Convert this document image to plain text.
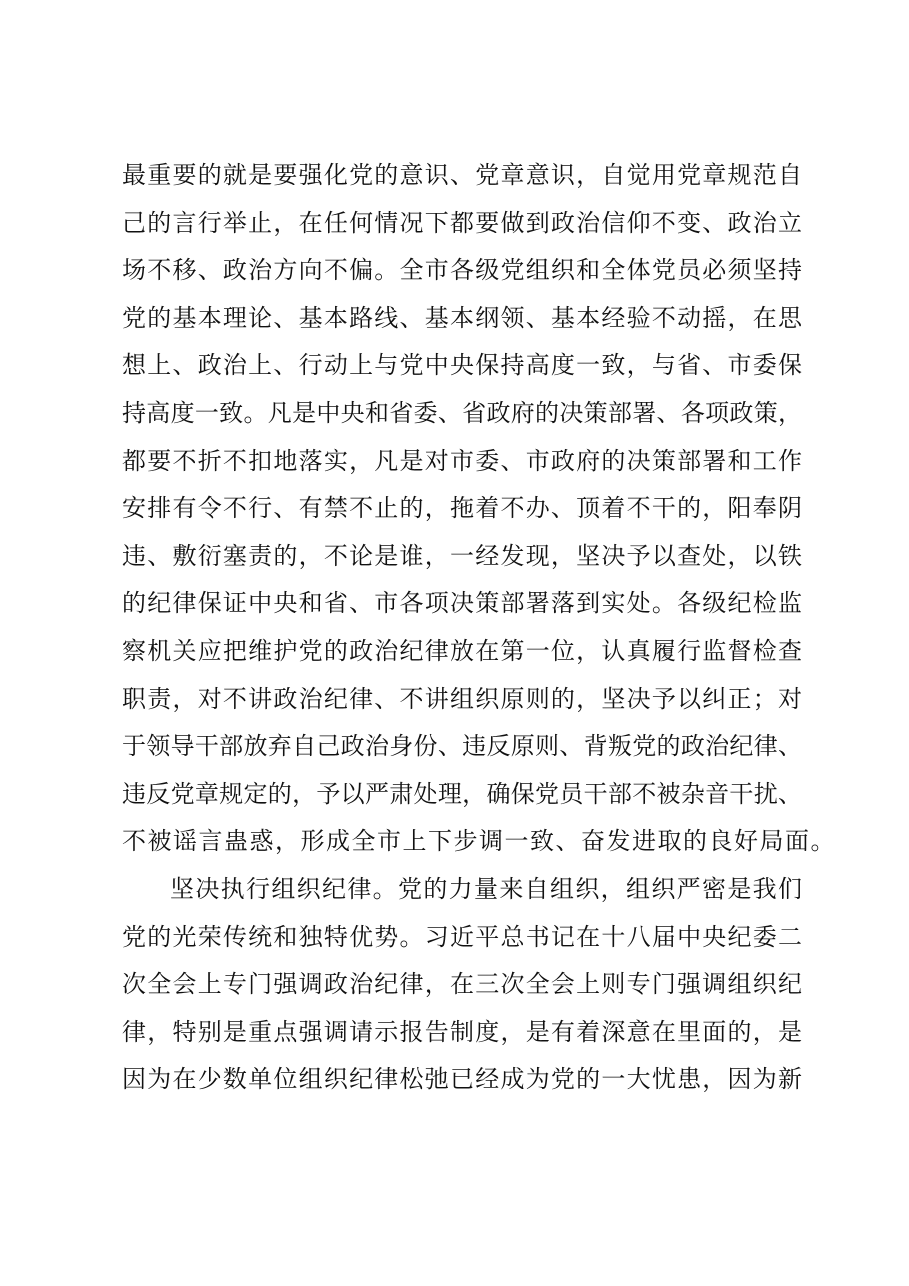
最重要的就是要强化党的意识、党章意识，自觉用党章规范自
己的言行举止，在任何情况下都要做到政治信仰不变、政治立
场不移、政治方向不偏。全市各级党组织和全体党员必须坚持
党的基本理论、基本路线、基本纲领、基本经验不动摇，在思
想上、政治上、行动上与党中央保持高度一致，与省、市委保
持高度一致。凡是中央和省委、省政府的决策部署、各项政策，
都要不折不扣地落实，凡是对市委、市政府的决策部署和工作
安排有令不行、有禁不止的，拖着不办、顶着不干的，阳奉阴
违、敷衍塞责的，不论是谁，一经发现，坚决予以查处，以铁
的纪律保证中央和省、市各项决策部署落到实处。各级纪检监
察机关应把维护党的政治纪律放在第一位，认真履行监督检查
职责，对不讲政治纪律、不讲组织原则的，坚决予以纠正；对
于领导干部放弃自己政治身份、违反原则、背叛党的政治纪律、
违反党章规定的，予以严肃处理，确保党员干部不被杂音干扰、
不被谣言蛊惑，形成全市上下步调一致、奋发进取的良好局面。
坚决执行组织纪律。党的力量来自组织，组织严密是我们
党的光荣传统和独特优势。习近平总书记在十八届中央纪委二
次全会上专门强调政治纪律，在三次全会上则专门强调组织纪
律，特别是重点强调请示报告制度，是有着深意在里面的，是
因为在少数单位组织纪律松弛已经成为党的一大忧患，因为新
